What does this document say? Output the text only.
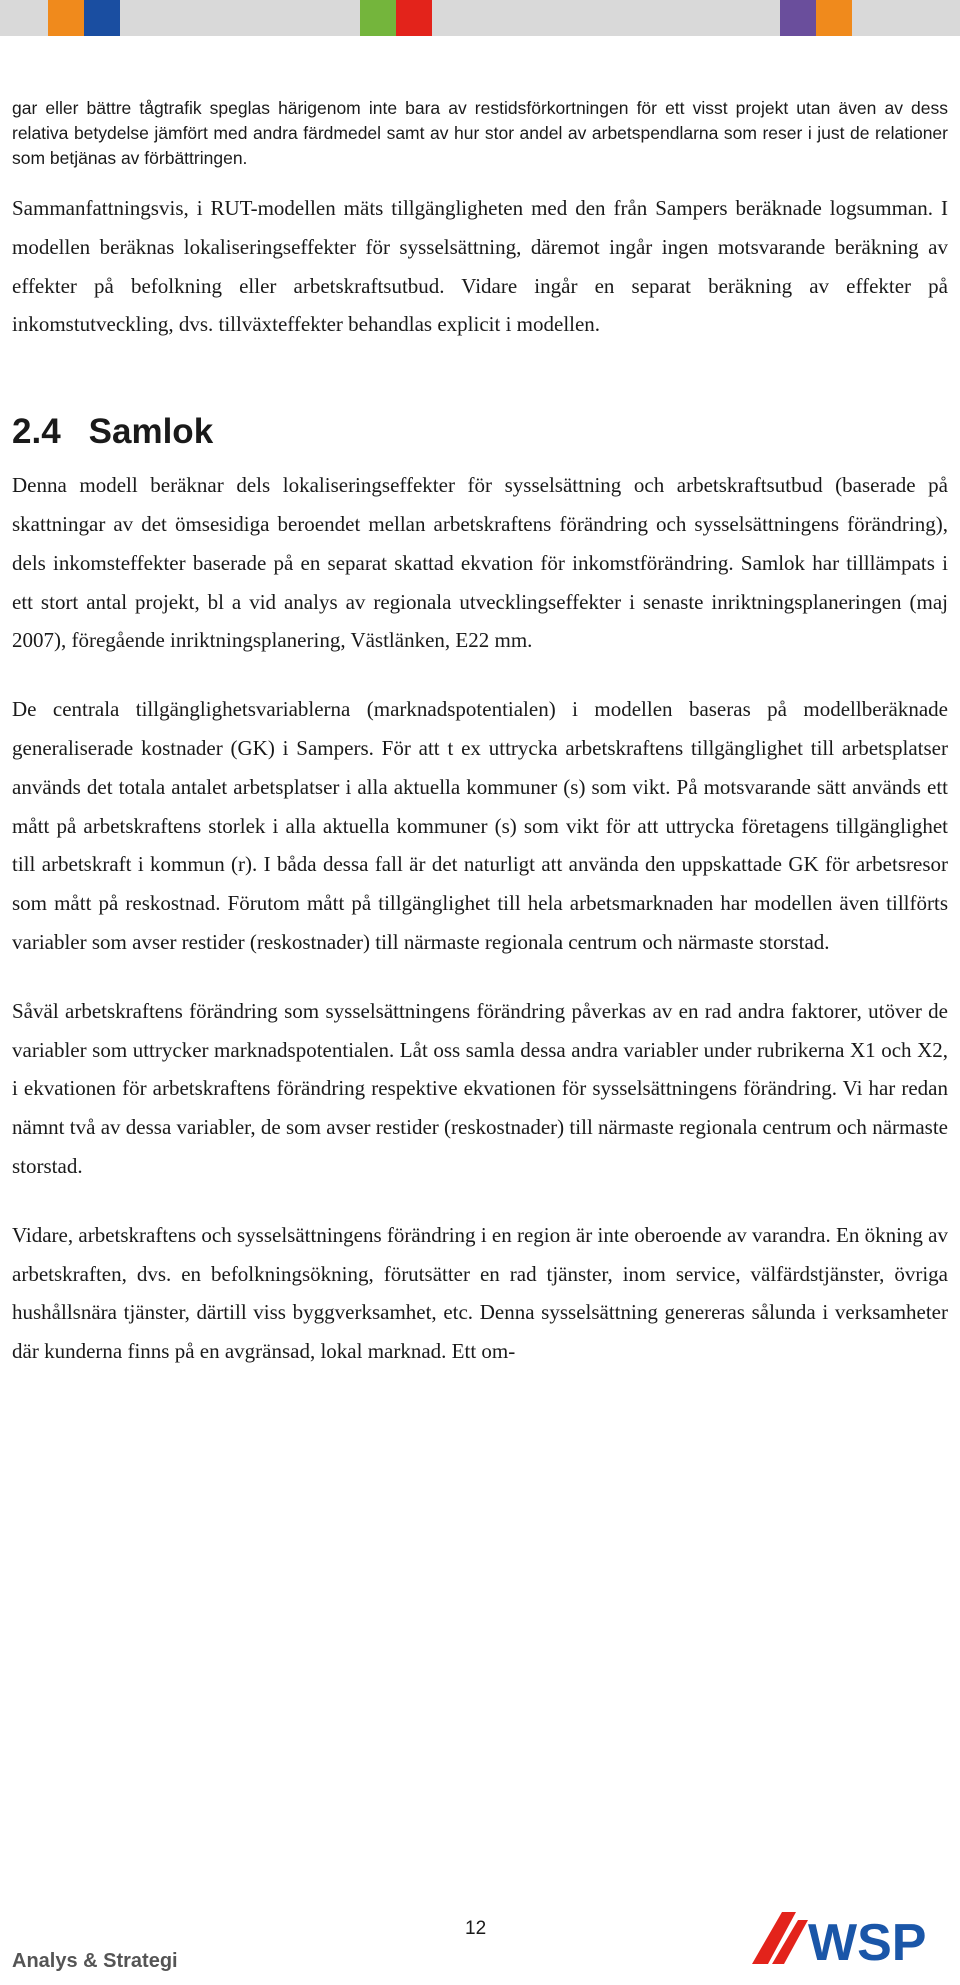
gar eller bättre tågtrafik speglas härigenom inte bara av restidsförkortningen för ett visst projekt utan även av dess relativa betydelse jämfört med andra färdmedel samt av hur stor andel av arbetspendlarna som reser i just de relationer som betjänas av förbättringen.

Sammanfattningsvis, i RUT-modellen mäts tillgängligheten med den från Sampers beräknade logsumman. I modellen beräknas lokaliseringseffekter för sysselsättning, däremot ingår ingen motsvarande beräkning av effekter på befolkning eller arbetskraftsutbud. Vidare ingår en separat beräkning av effekter på inkomstutveckling, dvs. tillväxteffekter behandlas explicit i modellen.

2.4 Samlok

Denna modell beräknar dels lokaliseringseffekter för sysselsättning och arbetskraftsutbud (baserade på skattningar av det ömsesidiga beroendet mellan arbetskraftens förändring och sysselsättningens förändring), dels inkomsteffekter baserade på en separat skattad ekvation för inkomstförändring. Samlok har tilllämpats i ett stort antal projekt, bl a vid analys av regionala utvecklingseffekter i senaste inriktningsplaneringen (maj 2007), föregående inriktningsplanering, Västlänken, E22 mm.

De centrala tillgänglighetsvariablerna (marknadspotentialen) i modellen baseras på modellberäknade generaliserade kostnader (GK) i Sampers. För att t ex uttrycka arbetskraftens tillgänglighet till arbetsplatser används det totala antalet arbetsplatser i alla aktuella kommuner (s) som vikt. På motsvarande sätt används ett mått på arbetskraftens storlek i alla aktuella kommuner (s) som vikt för att uttrycka företagens tillgänglighet till arbetskraft i kommun (r). I båda dessa fall är det naturligt att använda den uppskattade GK för arbetsresor som mått på reskostnad. Förutom mått på tillgänglighet till hela arbetsmarknaden har modellen även tillförts variabler som avser restider (reskostnader) till närmaste regionala centrum och närmaste storstad.

Såväl arbetskraftens förändring som sysselsättningens förändring påverkas av en rad andra faktorer, utöver de variabler som uttrycker marknadspotentialen. Låt oss samla dessa andra variabler under rubrikerna X1 och X2, i ekvationen för arbetskraftens förändring respektive ekvationen för sysselsättningens förändring. Vi har redan nämnt två av dessa variabler, de som avser restider (reskostnader) till närmaste regionala centrum och närmaste storstad.

Vidare, arbetskraftens och sysselsättningens förändring i en region är inte oberoende av varandra. En ökning av arbetskraften, dvs. en befolkningsökning, förutsätter en rad tjänster, inom service, välfärdstjänster, övriga hushållsnära tjänster, därtill viss byggverksamhet, etc. Denna sysselsättning genereras sålunda i verksamheter där kunderna finns på en avgränsad, lokal marknad. Ett om-

12
Analys & Strategi	WSP
